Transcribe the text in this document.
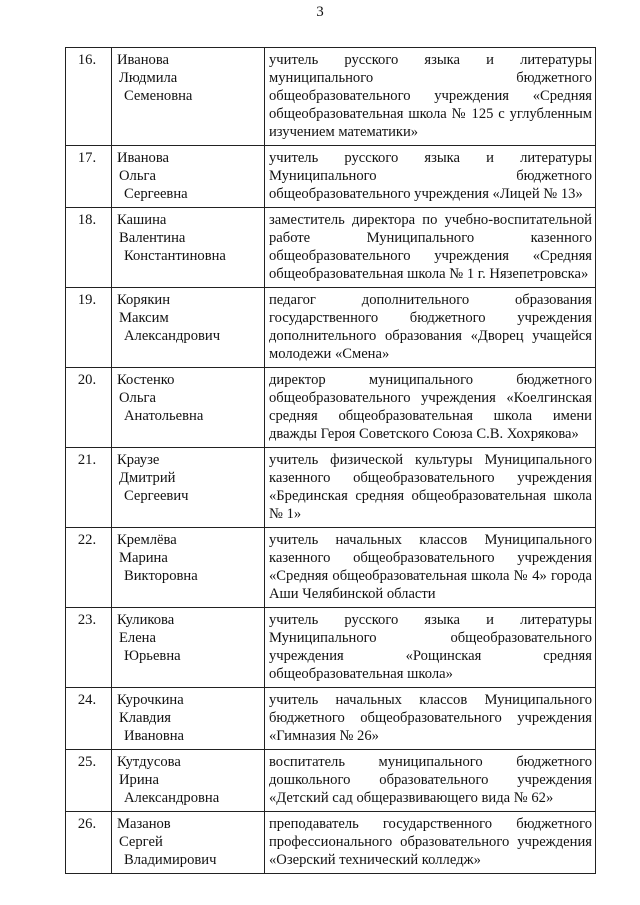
3
16.	Иванова
Людмила
Семеновна	учитель русского языка и литературы муниципального бюджетного общеобразовательного учреждения «Средняя общеобразовательная школа № 125 с углубленным изучением математики»
17.	Иванова
Ольга
Сергеевна	учитель русского языка и литературы Муниципального бюджетного общеобразовательного учреждения «Лицей № 13»
18.	Кашина
Валентина
Константиновна	заместитель директора по учебно-воспитательной работе Муниципального казенного общеобразовательного учреждения «Средняя общеобразовательная школа № 1 г. Нязепетровска»
19.	Корякин
Максим
Александрович	педагог дополнительного образования государственного бюджетного учреждения дополнительного образования «Дворец учащейся молодежи «Смена»
20.	Костенко
Ольга
Анатольевна	директор муниципального бюджетного общеобразовательного учреждения «Коелгинская средняя общеобразовательная школа имени дважды Героя Советского Союза С.В. Хохрякова»
21.	Краузе
Дмитрий
Сергеевич	учитель физической культуры Муниципального казенного общеобразовательного учреждения «Брединская средняя общеобразовательная школа № 1»
22.	Кремлёва
Марина
Викторовна	учитель начальных классов Муниципального казенного общеобразовательного учреждения «Средняя общеобразовательная школа № 4» города Аши Челябинской области
23.	Куликова
Елена
Юрьевна	учитель русского языка и литературы Муниципального общеобразовательного учреждения «Рощинская средняя общеобразовательная школа»
24.	Курочкина
Клавдия
Ивановна	учитель начальных классов Муниципального бюджетного общеобразовательного учреждения «Гимназия № 26»
25.	Кутдусова
Ирина
Александровна	воспитатель муниципального бюджетного дошкольного образовательного учреждения «Детский сад общеразвивающего вида № 62»
26.	Мазанов
Сергей
Владимирович	преподаватель государственного бюджетного профессионального образовательного учреждения «Озерский технический колледж»
